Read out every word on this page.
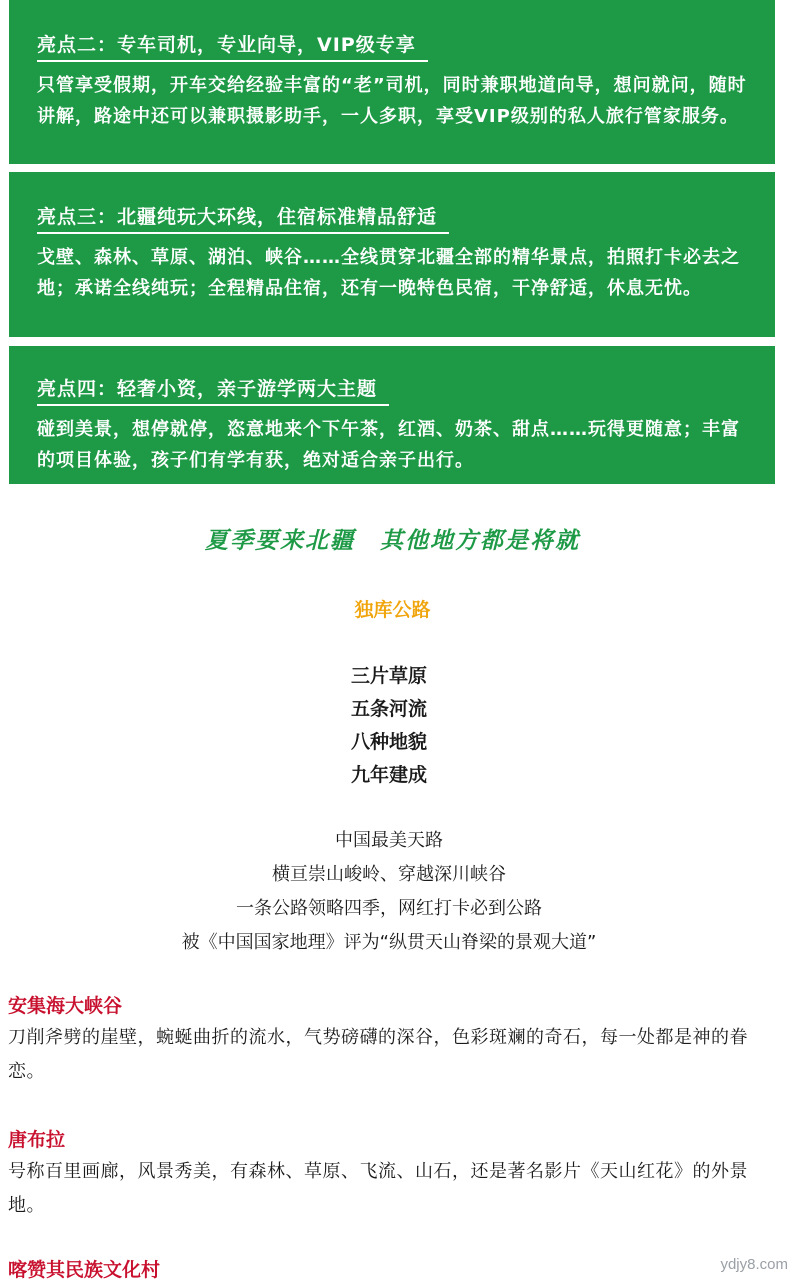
亮点二：专车司机，专业向导，VIP级专享
只管享受假期，开车交给经验丰富的“老”司机，同时兼职地道向导，想问就问，随时讲解，路途中还可以兼职摄影助手，一人多职，享受VIP级别的私人旅行管家服务。
亮点三：北疆纯玩大环线，住宿标准精品舒适
戈壁、森林、草原、湖泊、峡谷……全线贯穿北疆全部的精华景点，拍照打卡必去之地；承诺全线纯玩；全程精品住宿，还有一晚特色民宿，干净舒适，休息无忧。
亮点四：轻奢小资，亲子游学两大主题
碰到美景，想停就停，恣意地来个下午茶，红酒、奶茶、甜点……玩得更随意；丰富的项目体验，孩子们有学有获，绝对适合亲子出行。
夏季要来北疆　其他地方都是将就
独库公路
三片草原
五条河流
八种地貌
九年建成
中国最美天路
横亘崇山峻岭、穿越深川峡谷
一条公路领略四季，网红打卡必到公路
被《中国国家地理》评为“纵贯天山脊梁的景观大道”
安集海大峡谷
刀削斧劈的崖壁，蜿蜒曲折的流水，气势磅礴的深谷，色彩斑斓的奇石，每一处都是神的眷恋。
唐布拉
号称百里画廊，风景秀美，有森林、草原、飞流、山石，还是著名影片《天山红花》的外景地。
喀赞其民族文化村	ydjy8.com
